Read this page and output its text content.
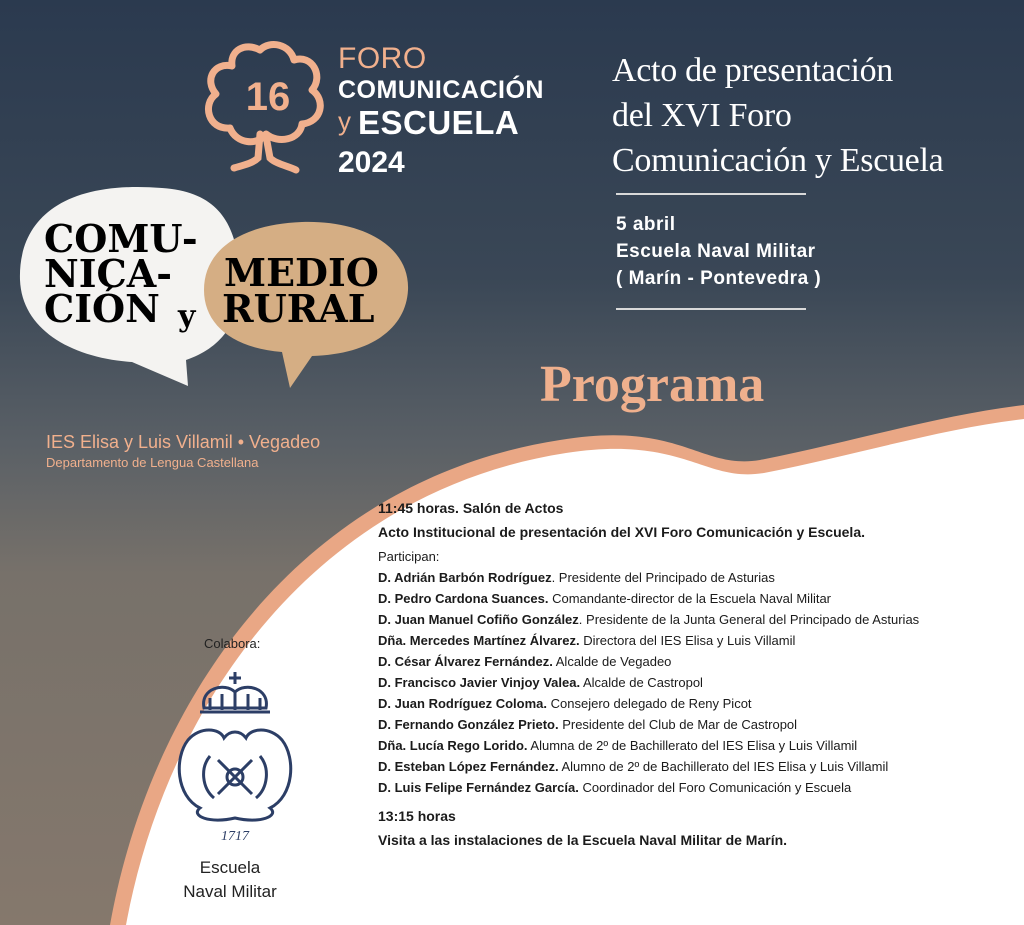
16
FORO
COMUNICACIÓN
y ESCUELA
2024
Acto de presentación
del XVI Foro
Comunicación y Escuela
5 abril
Escuela Naval Militar
( Marín - Pontevedra )
COMU-
NICA-
CIÓN y
MEDIO
RURAL
Programa
IES Elisa y Luis Villamil • Vegadeo
Departamento de Lengua Castellana
11:45 horas. Salón de Actos
Acto Institucional de presentación del XVI Foro Comunicación y Escuela.
Participan:
D. Adrián Barbón Rodríguez. Presidente del Principado de Asturias
D. Pedro Cardona Suances. Comandante-director de la Escuela Naval Militar
D. Juan Manuel Cofiño González. Presidente de la Junta General del Principado de Asturias
Dña. Mercedes Martínez Álvarez. Directora del IES Elisa y Luis Villamil
D. César Álvarez Fernández. Alcalde de Vegadeo
D. Francisco Javier Vinjoy Valea. Alcalde de Castropol
D. Juan Rodríguez Coloma. Consejero delegado de Reny Picot
D. Fernando González Prieto. Presidente del Club de Mar de Castropol
Dña. Lucía Rego Lorido. Alumna de 2º de Bachillerato del IES Elisa y Luis Villamil
D. Esteban López Fernández. Alumno de 2º de Bachillerato del IES Elisa y Luis Villamil
D. Luis Felipe Fernández García. Coordinador del Foro Comunicación y Escuela
13:15 horas
Visita a las instalaciones de la Escuela Naval Militar de Marín.
Colabora:
1717
Escuela
Naval Militar
